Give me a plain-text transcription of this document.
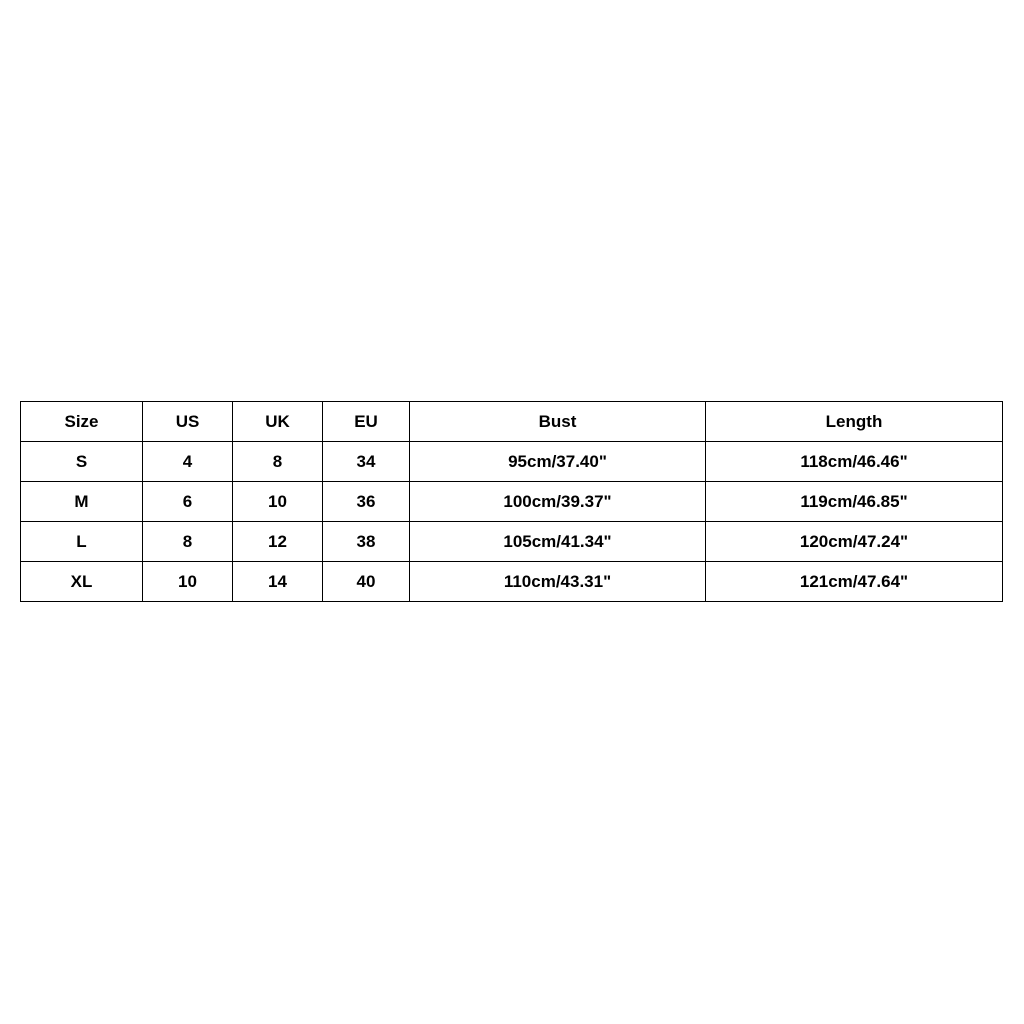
Size	US	UK	EU	Bust	Length
S	4	8	34	95cm/37.40"	118cm/46.46"
M	6	10	36	100cm/39.37"	119cm/46.85"
L	8	12	38	105cm/41.34"	120cm/47.24"
XL	10	14	40	110cm/43.31"	121cm/47.64"
